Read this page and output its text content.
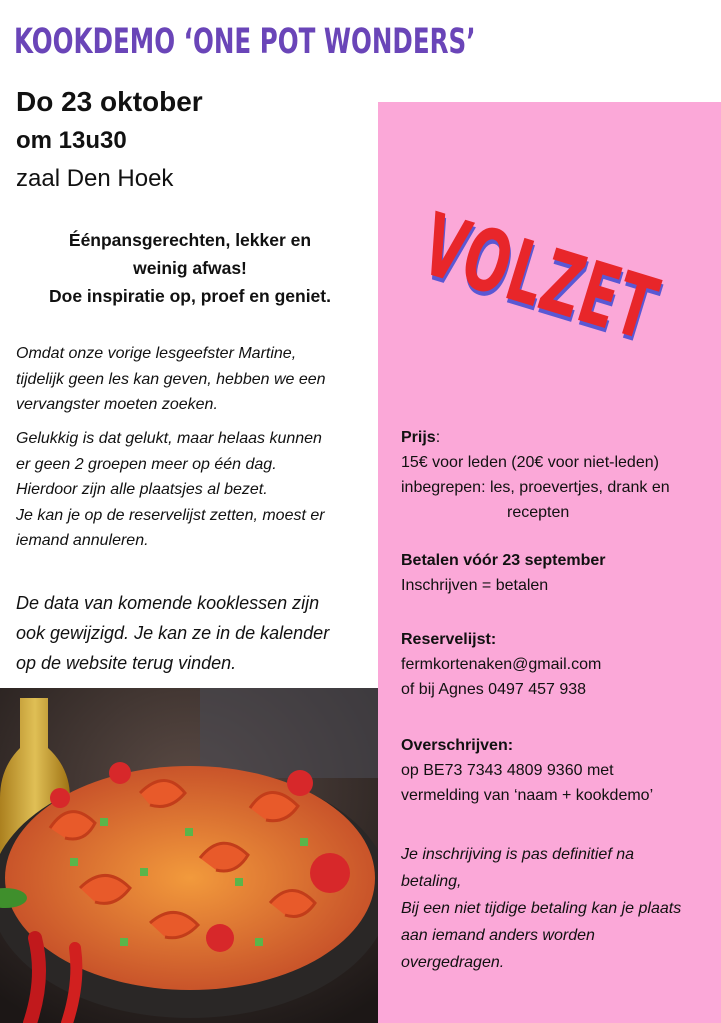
KOOKDEMO ‘ONE POT WONDERS’
Do 23 oktober
om 13u30
zaal Den Hoek
Éénpansgerechten, lekker en
weinig afwas!
Doe inspiratie op, proef en geniet.
Omdat onze vorige lesgeefster Martine,
tijdelijk geen les kan geven, hebben we een
vervangster moeten zoeken.
Gelukkig is dat gelukt, maar helaas kunnen
er geen 2 groepen meer op één dag.
Hierdoor zijn alle plaatsjes al bezet.
Je kan je op de reservelijst zetten, moest er
iemand annuleren.
De data van komende kooklessen zijn
ook gewijzigd. Je kan ze in de kalender
op de website terug vinden.
VOLZET
Prijs:
15€ voor leden (20€ voor niet-leden)
inbegrepen: les, proevertjes, drank en
recepten
Betalen vóór 23 september
Inschrijven = betalen
Reservelijst:
fermkortenaken@gmail.com
of bij Agnes 0497 457 938
Overschrijven:
op BE73 7343 4809 9360 met
vermelding van ‘naam + kookdemo’
Je inschrijving is pas definitief na
betaling,
Bij een niet tijdige betaling kan je plaats
aan iemand anders worden
overgedragen.
